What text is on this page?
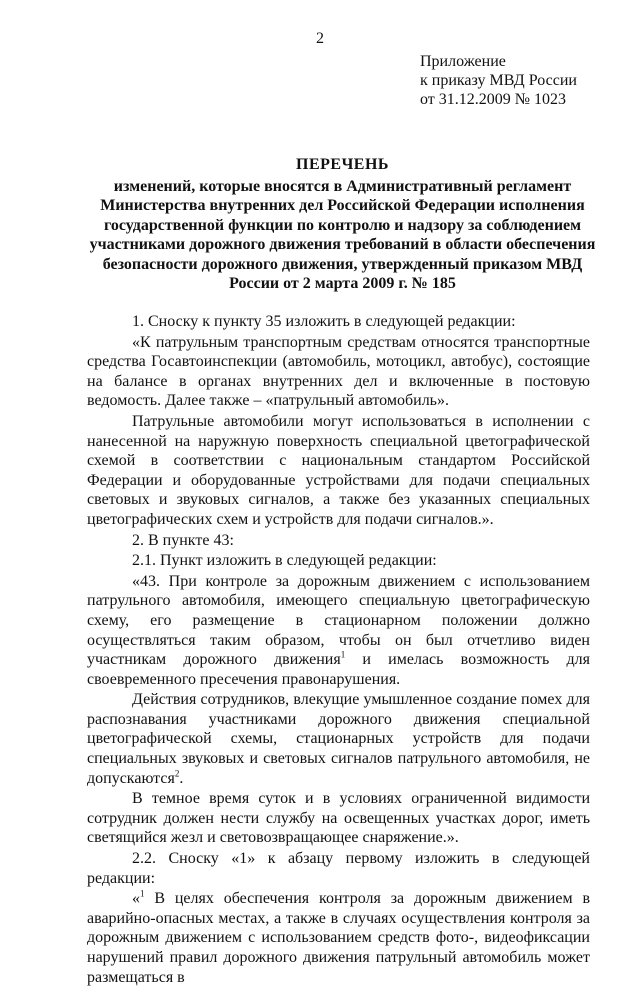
2
Приложение
к приказу МВД России
от 31.12.2009 № 1023
ПЕРЕЧЕНЬ
изменений, которые вносятся в Административный регламент
Министерства внутренних дел Российской Федерации исполнения
государственной функции по контролю и надзору за соблюдением
участниками дорожного движения требований в области обеспечения
безопасности дорожного движения, утвержденный приказом МВД
России от 2 марта 2009 г. № 185

1. Сноску к пункту 35 изложить в следующей редакции:

«К патрульным транспортным средствам относятся транспортные средства Госавтоинспекции (автомобиль, мотоцикл, автобус), состоящие на балансе в органах внутренних дел и включенные в постовую ведомость. Далее также – «патрульный автомобиль».

Патрульные автомобили могут использоваться в исполнении с нанесенной на наружную поверхность специальной цветографической схемой в соответствии с национальным стандартом Российской Федерации и оборудованные устройствами для подачи специальных световых и звуковых сигналов, а также без указанных специальных цветографических схем и устройств для подачи сигналов.».

2. В пункте 43:

2.1. Пункт изложить в следующей редакции:

«43. При контроле за дорожным движением с использованием патрульного автомобиля, имеющего специальную цветографическую схему, его размещение в стационарном положении должно осуществляться таким образом, чтобы он был отчетливо виден участникам дорожного движения$^1$ и имелась возможность для своевременного пресечения правонарушения.

Действия сотрудников, влекущие умышленное создание помех для распознавания участниками дорожного движения специальной цветографической схемы, стационарных устройств для подачи специальных звуковых и световых сигналов патрульного автомобиля, не допускаются$^2$.

В темное время суток и в условиях ограниченной видимости сотрудник должен нести службу на освещенных участках дорог, иметь светящийся жезл и световозвращающее снаряжение.».

2.2. Сноску «1» к абзацу первому изложить в следующей редакции:

«$^1$ В целях обеспечения контроля за дорожным движением в аварийно-опасных местах, а также в случаях осуществления контроля за дорожным движением с использованием средств фото-, видеофиксации нарушений правил дорожного движения патрульный автомобиль может размещаться в
